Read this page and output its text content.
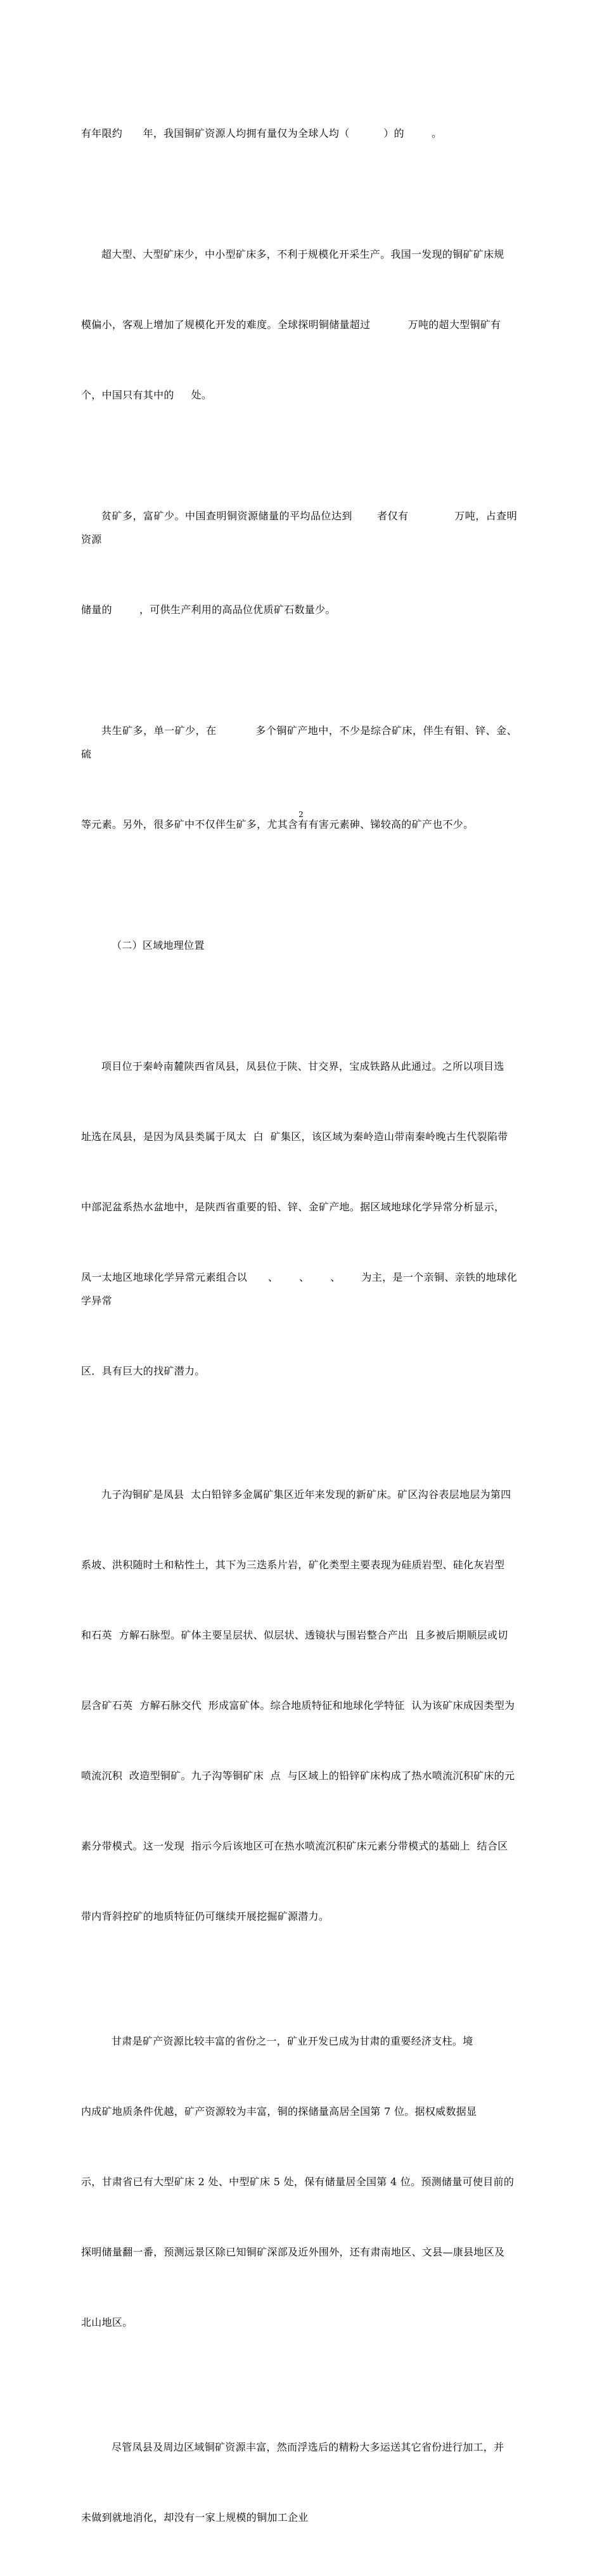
有年限约      年，我国铜矿资源人均拥有量仅为全球人均（          ）的        。

超大型、大型矿床少，中小型矿床多，不利于规模化开采生产。我国一发现的铜矿矿床规

模偏小，客观上增加了规模化开发的难度。全球探明铜储量超过           万吨的超大型铜矿有

个，中国只有其中的     处。

贫矿多，富矿少。中国查明铜资源储量的平均品位达到       者仅有             万吨，占查明资源

储量的        ，可供生产利用的高品位优质矿石数量少。

共生矿多，单一矿少，在           多个铜矿产地中，不少是综合矿床，伴生有钼、锌、金、硫

等元素。另外，很多矿中不仅伴生矿多，尤其含有有害元素砷、锑较高的矿产也不少。

（二）区域地理位置

项目位于秦岭南麓陕西省凤县，凤县位于陕、甘交界，宝成铁路从此通过。之所以项目选

址选在凤县，是因为凤县类属于凤太  白  矿集区，该区域为秦岭造山带南秦岭晚古生代裂陷带

中部泥盆系热水盆地中，是陕西省重要的铅、锌、金矿产地。据区域地球化学异常分析显示，

凤一太地区地球化学异常元素组合以      、      、      、      为主，是一个亲铜、亲铁的地球化学异常

区．具有巨大的找矿潜力。

九子沟铜矿是凤县  太白铅锌多金属矿集区近年来发现的新矿床。矿区沟谷表层地层为第四

系坡、洪积随时土和粘性土，其下为三迭系片岩，矿化类型主要表现为硅质岩型、硅化灰岩型

和石英  方解石脉型。矿体主要呈层状、似层状、透镜状与围岩整合产出  且多被后期顺层或切

层含矿石英  方解石脉交代  形成富矿体。综合地质特征和地球化学特征  认为该矿床成因类型为

喷流沉积  改造型铜矿。九子沟等铜矿床  点  与区域上的铅锌矿床构成了热水喷流沉积矿床的元

素分带模式。这一发现  指示今后该地区可在热水喷流沉积矿床元素分带模式的基础上  结合区

带内背斜控矿的地质特征仍可继续开展挖掘矿源潜力。

甘肃是矿产资源比较丰富的省份之一，矿业开发已成为甘肃的重要经济支柱。境

内成矿地质条件优越，矿产资源较为丰富，铜的探储量高居全国第 7 位。据权威数据显

示，甘肃省已有大型矿床 2 处、中型矿床 5 处，保有储量居全国第 4 位。预测储量可使目前的

探明储量翻一番，预测远景区除已知铜矿深部及近外围外，还有肃南地区、文县—康县地区及

北山地区。

尽管凤县及周边区域铜矿资源丰富，然而浮选后的精粉大多运送其它省份进行加工，并

未做到就地消化，却没有一家上规模的铜加工企业

2
